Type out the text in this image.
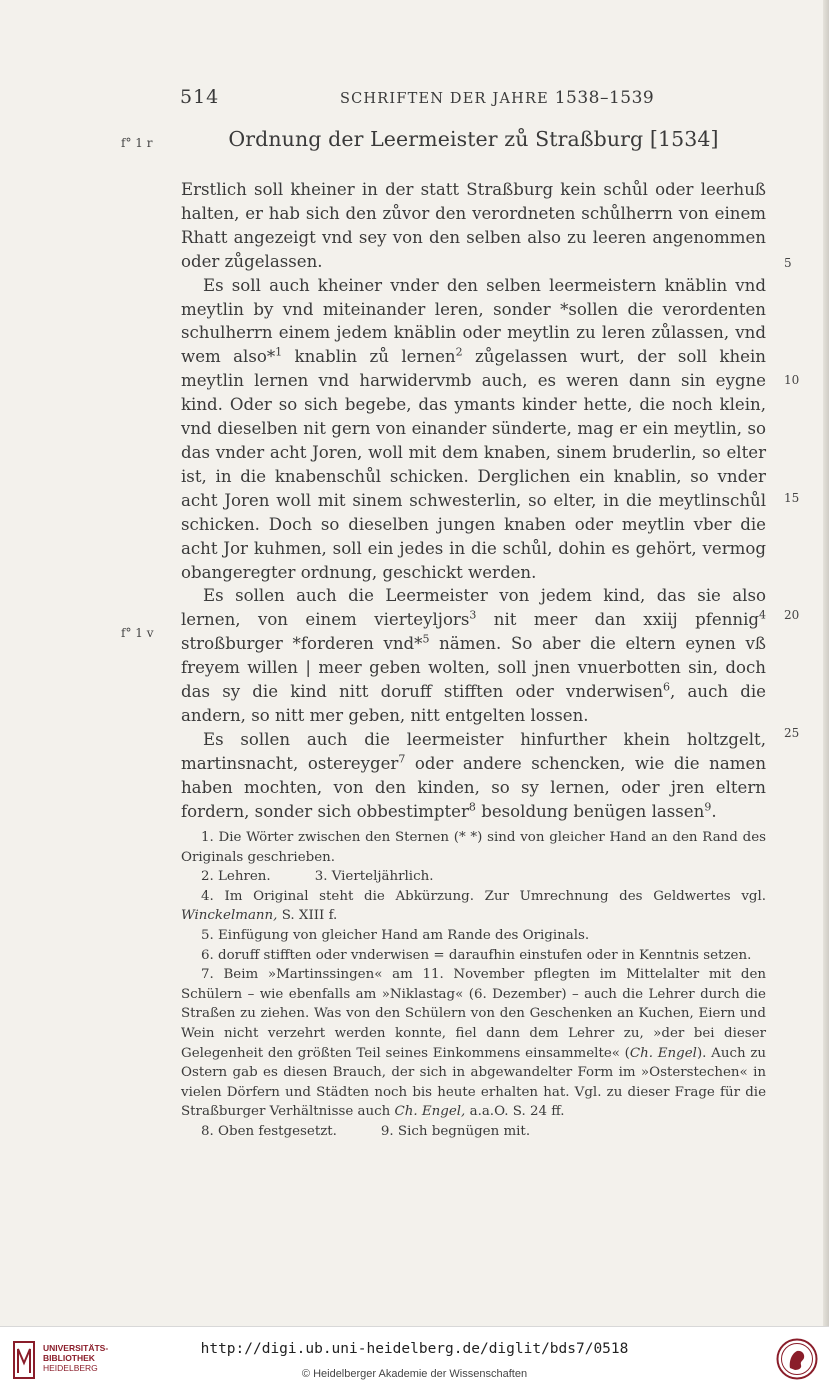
514	SCHRIFTEN DER JAHRE 1538–1539
f° 1 r
f° 1 v
Ordnung der Leermeister zů Straßburg [1534]

Erstlich soll kheiner in der statt Straßburg kein schůl oder leerhuß halten, er hab sich den zůvor den verordneten schůlherrn von einem Rhatt angezeigt vnd sey von den selben also zu leeren angenommen oder zůgelassen.

Es soll auch kheiner vnder den selben leermeistern knäblin vnd meytlin by vnd miteinander leren, sonder *sollen die verordenten schulherrn einem jedem knäblin oder meytlin zu leren zůlassen, vnd wem also*$^1$ knablin zů lernen$^2$ zůgelassen wurt, der soll khein meytlin lernen vnd harwidervmb auch, es weren dann sin eygne kind. Oder so sich begebe, das ymants kinder hette, die noch klein, vnd dieselben nit gern von einander sünderte, mag er ein meytlin, so das vnder acht Joren, woll mit dem knaben, sinem bruderlin, so elter ist, in die knabenschůl schicken. Derglichen ein knablin, so vnder acht Joren woll mit sinem schwesterlin, so elter, in die meytlinschůl schicken. Doch so dieselben jungen knaben oder meytlin vber die acht Jor kuhmen, soll ein jedes in die schůl, dohin es gehört, vermog obangeregter ordnung, geschickt werden.

Es sollen auch die Leermeister von jedem kind, das sie also lernen, von einem vierteyljors$^3$ nit meer dan xxiij pfennig$^4$ stroßburger *forderen vnd*$^5$ nämen. So aber die eltern eynen vß freyem willen | meer geben wolten, soll jnen vnuerbotten sin, doch das sy die kind nitt doruff stifften oder vnderwisen$^6$, auch die andern, so nitt mer geben, nitt entgelten lossen.

Es sollen auch die leermeister hinfurther khein holtzgelt, martinsnacht, ostereyger$^7$ oder andere schencken, wie die namen haben mochten, von den kinden, so sy lernen, oder jren eltern fordern, sonder sich obbestimpter$^8$ besoldung benügen lassen$^9$.

5
10
15
20
25

1. Die Wörter zwischen den Sternen (* *) sind von gleicher Hand an den Rand des Originals geschrieben.

2. Lehren.	3. Vierteljährlich.

4. Im Original steht die Abkürzung. Zur Umrechnung des Geldwertes vgl. Winckelmann, S. XIII f.

5. Einfügung von gleicher Hand am Rande des Originals.

6. doruff stifften oder vnderwisen = daraufhin einstufen oder in Kenntnis setzen.

7. Beim »Martinssingen« am 11. November pflegten im Mittelalter mit den Schülern – wie ebenfalls am »Niklastag« (6. Dezember) – auch die Lehrer durch die Straßen zu ziehen. Was von den Schülern von den Geschenken an Kuchen, Eiern und Wein nicht verzehrt werden konnte, fiel dann dem Lehrer zu, »der bei dieser Gelegenheit den größten Teil seines Einkommens einsammelte« (Ch. Engel). Auch zu Ostern gab es diesen Brauch, der sich in abgewandelter Form im »Osterstechen« in vielen Dörfern und Städten noch bis heute erhalten hat. Vgl. zu dieser Frage für die Straßburger Verhältnisse auch Ch. Engel, a.a.O. S. 24 ff.

8. Oben festgesetzt.	9. Sich begnügen mit.

UNIVERSITÄTS-
BIBLIOTHEK
HEIDELBERG
http://digi.ub.uni-heidelberg.de/diglit/bds7/0518
© Heidelberger Akademie der Wissenschaften
